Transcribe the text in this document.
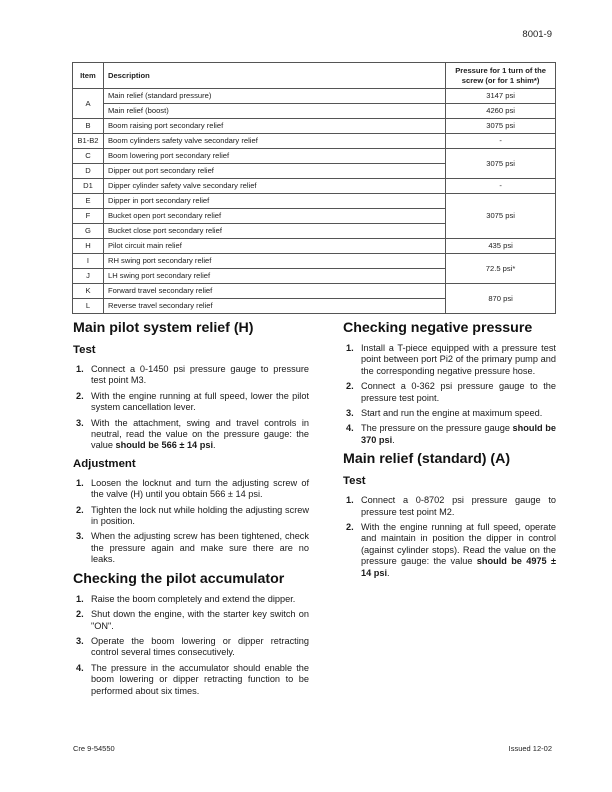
8001-9
Item	Description	Pressure for 1 turn of the screw (or for 1 shim*)
A	Main relief (standard pressure)	3147 psi
	Main relief (boost)	4260 psi
B	Boom raising port secondary relief	3075 psi
B1-B2	Boom cylinders safety valve secondary relief	-
C	Boom lowering port secondary relief	3075 psi
D	Dipper out port secondary relief	
D1	Dipper cylinder safety valve secondary relief	-
E	Dipper in port secondary relief	3075 psi
F	Bucket open port secondary relief	
G	Bucket close port secondary relief	
H	Pilot circuit main relief	435 psi
I	RH swing port secondary relief	72.5 psi*
J	LH swing port secondary relief	
K	Forward travel secondary relief	870 psi
L	Reverse travel secondary relief	
Main pilot system relief (H)
Test
1. Connect a 0-1450 psi pressure gauge to pressure test point M3.
2. With the engine running at full speed, lower the pilot system cancellation lever.
3. With the attachment, swing and travel controls in neutral, read the value on the pressure gauge: the value should be 566 ± 14 psi.
Adjustment
1. Loosen the locknut and turn the adjusting screw of the valve (H) until you obtain 566 ± 14 psi.
2. Tighten the lock nut while holding the adjusting screw in position.
3. When the adjusting screw has been tightened, check the pressure again and make sure there are no leaks.
Checking the pilot accumulator
1. Raise the boom completely and extend the dipper.
2. Shut down the engine, with the starter key switch on "ON".
3. Operate the boom lowering or dipper retracting control several times consecutively.
4. The pressure in the accumulator should enable the boom lowering or dipper retracting function to be performed about six times.
Checking negative pressure
1. Install a T-piece equipped with a pressure test point between port Pi2 of the primary pump and the corresponding negative pressure hose.
2. Connect a 0-362 psi pressure gauge to the pressure test point.
3. Start and run the engine at maximum speed.
4. The pressure on the pressure gauge should be 370 psi.
Main relief (standard) (A)
Test
1. Connect a 0-8702 psi pressure gauge to pressure test point M2.
2. With the engine running at full speed, operate and maintain in position the dipper in control (against cylinder stops). Read the value on the pressure gauge: the value should be 4975 ± 14 psi.
Cre 9-54550	Issued 12-02
